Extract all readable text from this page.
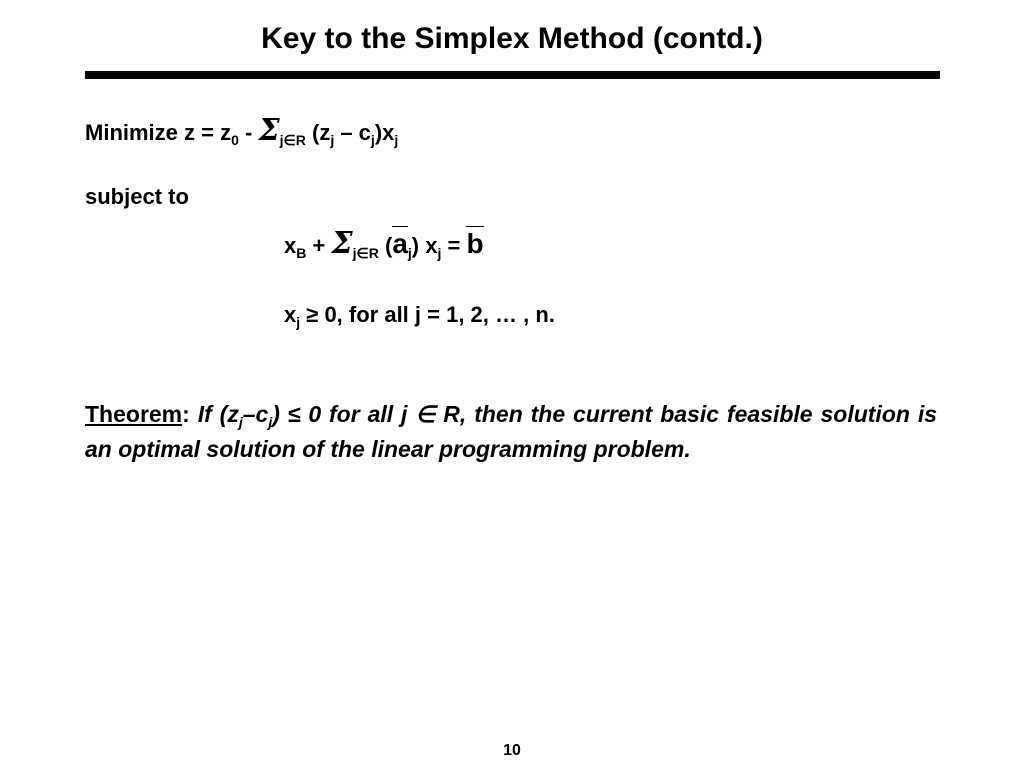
Key to the Simplex Method (contd.)
Minimize $z = z_0 - \Sigma_{j\in R}$ $(z_j - c_j)x_j$
subject to
$x_B + \Sigma_{j\in R}$ (
$a_j$) $x_j$ =
b
$x_j \ge 0$, for all j = 1, 2, … , n.
Theorem: If $(z_j-c_j) \le 0$ for all j ∈ R, then the current basic feasible solution is an optimal solution of the linear programming problem.
10
